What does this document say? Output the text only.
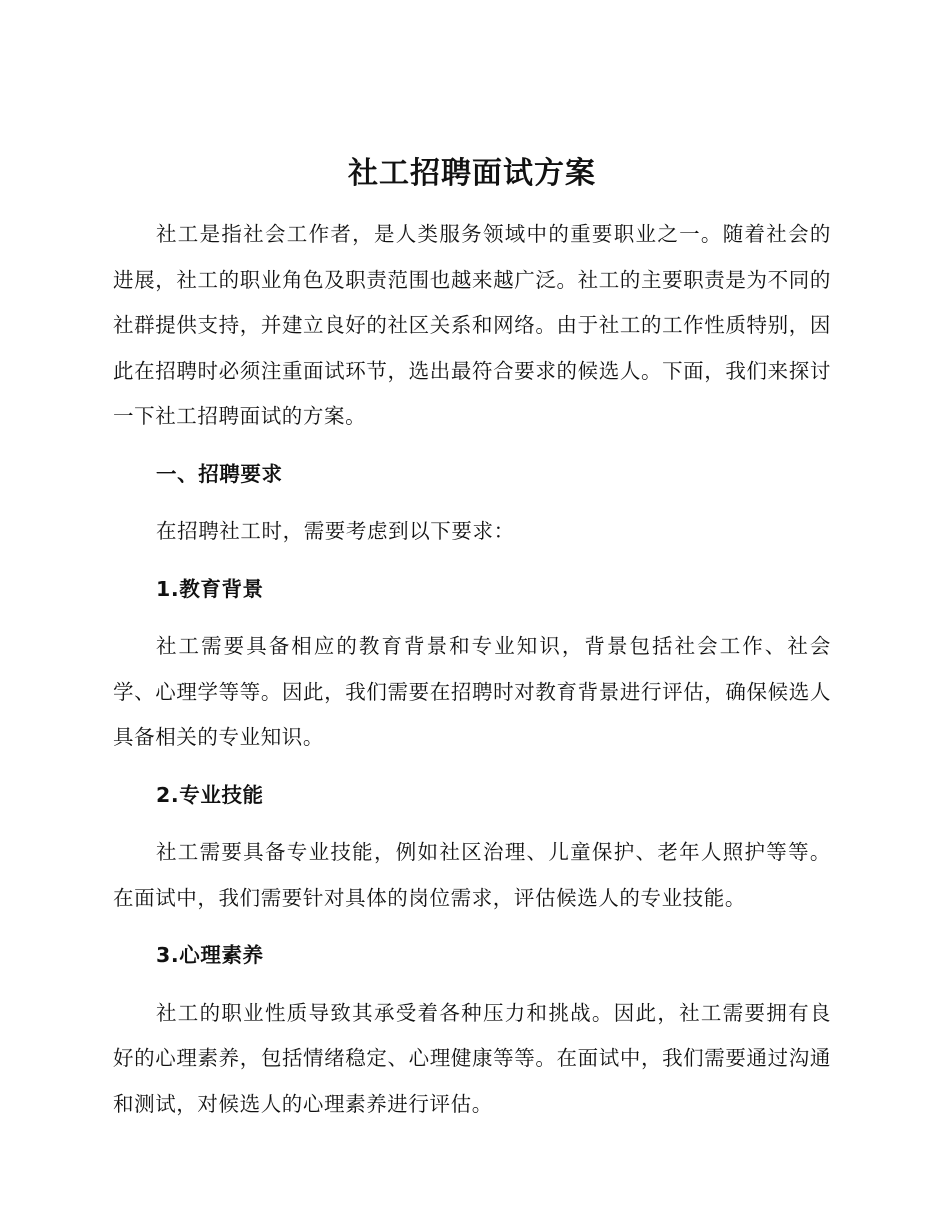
社工招聘面试方案

社工是指社会工作者，是人类服务领域中的重要职业之一。随着社会的进展，社工的职业角色及职责范围也越来越广泛。社工的主要职责是为不同的社群提供支持，并建立良好的社区关系和网络。由于社工的工作性质特别，因此在招聘时必须注重面试环节，选出最符合要求的候选人。下面，我们来探讨一下社工招聘面试的方案。

一、招聘要求

在招聘社工时，需要考虑到以下要求：

1.教育背景

社工需要具备相应的教育背景和专业知识，背景包括社会工作、社会学、心理学等等。因此，我们需要在招聘时对教育背景进行评估，确保候选人具备相关的专业知识。

2.专业技能

社工需要具备专业技能，例如社区治理、儿童保护、老年人照护等等。在面试中，我们需要针对具体的岗位需求，评估候选人的专业技能。

3.心理素养

社工的职业性质导致其承受着各种压力和挑战。因此，社工需要拥有良好的心理素养，包括情绪稳定、心理健康等等。在面试中，我们需要通过沟通和测试，对候选人的心理素养进行评估。
